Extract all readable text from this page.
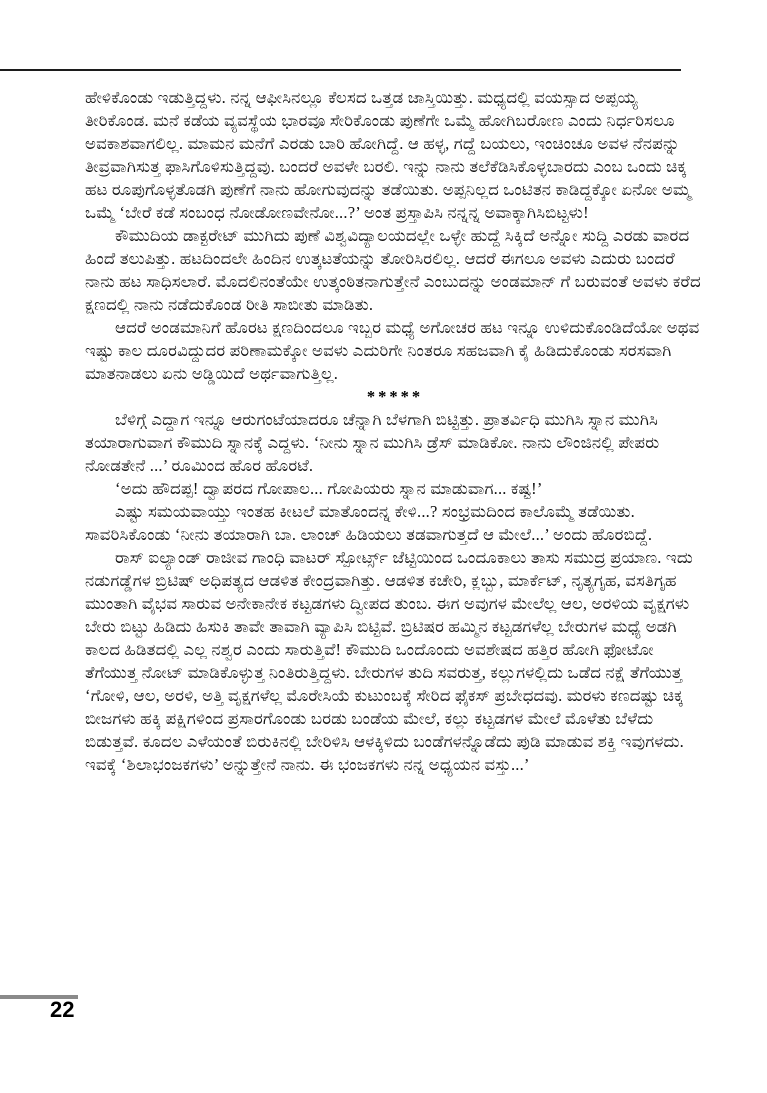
ಹೇಳಿಕೊಂಡು ಇಡುತ್ತಿದ್ದಳು. ನನ್ನ ಆಫೀಸಿನಲ್ಲೂ ಕೆಲಸದ ಒತ್ತಡ ಜಾಸ್ತಿಯಿತ್ತು. ಮಧ್ಯದಲ್ಲಿ ವಯಸ್ಸಾದ ಅಪ್ಪಯ್ಯ ತೀರಿಕೊಂಡ. ಮನೆ ಕಡೆಯ ವ್ಯವಸ್ಥೆಯ ಭಾರವೂ ಸೇರಿಕೊಂಡು ಪುಣೆಗೇ ಒಮ್ಮೆ ಹೋಗಿಬರೋಣ ಎಂದು ನಿರ್ಧರಿಸಲೂ ಅವಕಾಶವಾಗಲಿಲ್ಲ. ಮಾಮನ ಮನೆಗೆ ಎರಡು ಬಾರಿ ಹೋಗಿದ್ದೆ. ಆ ಹಳ್ಳ, ಗದ್ದೆ ಬಯಲು, ಇಂಚಿಂಚೂ ಅವಳ ನೆನಪನ್ನು ತೀವ್ರವಾಗಿಸುತ್ತ ಫಾಸಿಗೊಳಿಸುತ್ತಿದ್ದವು. ಬಂದರೆ ಅವಳೇ ಬರಲಿ. ಇನ್ನು ನಾನು ತಲೆಕೆಡಿಸಿಕೊಳ್ಳಬಾರದು ಎಂಬ ಒಂದು ಚಿಕ್ಕ ಹಟ ರೂಪುಗೊಳ್ಳತೊಡಗಿ ಪುಣೆಗೆ ನಾನು ಹೋಗುವುದನ್ನು ತಡೆಯಿತು. ಅಪ್ಪನಿಲ್ಲದ ಒಂಟಿತನ ಕಾಡಿದ್ದಕ್ಕೋ ಏನೋ ಅಮ್ಮ ಒಮ್ಮೆ ‘ಬೇರೆ ಕಡೆ ಸಂಬಂಧ ನೋಡೋಣವೇನೋ...?’ ಅಂತ ಪ್ರಸ್ತಾಪಿಸಿ ನನ್ನನ್ನ ಅವಾಕ್ಕಾಗಿಸಿಬಿಟ್ಟಳು!

ಕೌಮುದಿಯ ಡಾಕ್ಟರೇಟ್ ಮುಗಿದು ಪುಣೆ ವಿಶ್ವವಿದ್ಯಾಲಯದಲ್ಲೇ ಒಳ್ಳೇ ಹುದ್ದೆ ಸಿಕ್ಕಿದೆ ಅನ್ನೋ ಸುದ್ದಿ ಎರಡು ವಾರದ ಹಿಂದೆ ತಲುಪಿತ್ತು. ಹಟದಿಂದಲೇ ಹಿಂದಿನ ಉತ್ಕಟತೆಯನ್ನು ತೋರಿಸಿರಲಿಲ್ಲ. ಆದರೆ ಈಗಲೂ ಅವಳು ಎದುರು ಬಂದರೆ ನಾನು ಹಟ ಸಾಧಿಸಲಾರೆ. ಮೊದಲಿನಂತೆಯೇ ಉತ್ಕಂಠಿತನಾಗುತ್ತೇನೆ ಎಂಬುದನ್ನು ಅಂಡಮಾನ್ ಗೆ ಬರುವಂತೆ ಅವಳು ಕರೆದ ಕ್ಷಣದಲ್ಲಿ ನಾನು ನಡೆದುಕೊಂಡ ರೀತಿ ಸಾಬೀತು ಮಾಡಿತು.

ಆದರೆ ಅಂಡಮಾನಿಗೆ ಹೊರಟ ಕ್ಷಣದಿಂದಲೂ ಇಬ್ಬರ ಮಧ್ಯೆ ಅಗೋಚರ ಹಟ ಇನ್ನೂ ಉಳಿದುಕೊಂಡಿದೆಯೋ ಅಥವ ಇಷ್ಟು ಕಾಲ ದೂರವಿದ್ದುದರ ಪರಿಣಾಮಕ್ಕೋ ಅವಳು ಎದುರಿಗೇ ನಿಂತರೂ ಸಹಜವಾಗಿ ಕೈ ಹಿಡಿದುಕೊಂಡು ಸರಸವಾಗಿ ಮಾತನಾಡಲು ಏನು ಅಡ್ಡಿಯಿದೆ ಅರ್ಥವಾಗುತ್ತಿಲ್ಲ.

*****

ಬೆಳಿಗ್ಗೆ ಎದ್ದಾಗ ಇನ್ನೂ ಆರುಗಂಟೆಯಾದರೂ ಚೆನ್ನಾಗಿ ಬೆಳಗಾಗಿ ಬಿಟ್ಟಿತ್ತು. ಪ್ರಾತರ್ವಿಧಿ ಮುಗಿಸಿ ಸ್ನಾನ ಮುಗಿಸಿ ತಯಾರಾಗುವಾಗ ಕೌಮುದಿ ಸ್ನಾನಕ್ಕೆ ಎದ್ದಳು. ‘ನೀನು ಸ್ನಾನ ಮುಗಿಸಿ ಡ್ರೆಸ್ ಮಾಡಿಕೋ. ನಾನು ಲೌಂಜಿನಲ್ಲಿ ಪೇಪರು ನೋಡತೇನೆ ...’ ರೂಮಿಂದ ಹೊರ ಹೊರಟೆ.

‘ಅದು ಹೌದಪ್ಪ! ದ್ವಾಪರದ ಗೋಪಾಲ... ಗೋಪಿಯರು ಸ್ನಾನ ಮಾಡುವಾಗ... ಕಷ್ಟ!’

ಎಷ್ಟು ಸಮಯವಾಯ್ತು ಇಂತಹ ಕೀಟಲೆ ಮಾತೊಂದನ್ನ ಕೇಳಿ...? ಸಂಭ್ರಮದಿಂದ ಕಾಲೊಮ್ಮೆ ತಡೆಯಿತು. ಸಾವರಿಸಿಕೊಂಡು ‘ನೀನು ತಯಾರಾಗಿ ಬಾ. ಲಾಂಚ್ ಹಿಡಿಯಲು ತಡವಾಗುತ್ತದೆ ಆ ಮೇಲೆ...’ ಅಂದು ಹೊರಬಿದ್ದೆ.

ರಾಸ್ ಐಲ್ಯಾಂಡ್ ರಾಜೀವ ಗಾಂಧಿ ವಾಟರ್ ಸ್ಪೋರ್ಟ್ಸ್ ಜೆಟ್ಟಿಯಿಂದ ಒಂದೂಕಾಲು ತಾಸು ಸಮುದ್ರ ಪ್ರಯಾಣ. ಇದು ನಡುಗಡ್ಡೆಗಳ ಬ್ರಿಟಿಷ್ ಅಧಿಪತ್ಯದ ಆಡಳಿತ ಕೇಂದ್ರವಾಗಿತ್ತು. ಆಡಳಿತ ಕಚೇರಿ, ಕ್ಲಬ್ಬು, ಮಾರ್ಕೆಟ್, ನೃತ್ಯಗೃಹ, ವಸತಿಗೃಹ ಮುಂತಾಗಿ ವೈಭವ ಸಾರುವ ಅನೇಕಾನೇಕ ಕಟ್ಟಡಗಳು ದ್ವೀಪದ ತುಂಬ. ಈಗ ಅವುಗಳ ಮೇಲೆಲ್ಲ ಆಲ, ಅರಳಿಯ ವೃಕ್ಷಗಳು ಬೇರು ಬಿಟ್ಟು ಹಿಡಿದು ಹಿಸುಕಿ ತಾವೇ ತಾವಾಗಿ ವ್ಯಾಪಿಸಿ ಬಿಟ್ಟಿವೆ. ಬ್ರಿಟಿಷರ ಹಮ್ಮಿನ ಕಟ್ಟಡಗಳೆಲ್ಲ ಬೇರುಗಳ ಮಧ್ಯೆ ಅಡಗಿ ಕಾಲದ ಹಿಡಿತದಲ್ಲಿ ಎಲ್ಲ ನಶ್ವರ ಎಂದು ಸಾರುತ್ತಿವೆ! ಕೌಮುದಿ ಒಂದೊಂದು ಅವಶೇಷದ ಹತ್ತಿರ ಹೋಗಿ ಫೋಟೋ ತೆಗೆಯುತ್ತ ನೋಟ್ ಮಾಡಿಕೊಳ್ಳುತ್ತ ನಿಂತಿರುತ್ತಿದ್ದಳು. ಬೇರುಗಳ ತುದಿ ಸವರುತ್ತ, ಕಲ್ಲುಗಳಲ್ಲಿದು ಒಡೆದ ನಕ್ಷೆ ತೆಗೆಯುತ್ತ ‘ಗೋಳಿ, ಆಲ, ಅರಳಿ, ಅತ್ತಿ ವೃಕ್ಷಗಳೆಲ್ಲ ಮೊರೇಸಿಯೆ ಕುಟುಂಬಕ್ಕೆ ಸೇರಿದ ಫೈಕಸ್ ಪ್ರಬೇಧದವು. ಮರಳು ಕಣದಷ್ಟು ಚಿಕ್ಕ ಬೀಜಗಳು ಹಕ್ಕಿ ಪಕ್ಷಿಗಳಿಂದ ಪ್ರಸಾರಗೊಂಡು ಬರಡು ಬಂಡೆಯ ಮೇಲೆ, ಕಲ್ಲು ಕಟ್ಟಡಗಳ ಮೇಲೆ ಮೊಳೆತು ಬೆಳೆದು ಬಿಡುತ್ತವೆ. ಕೂದಲ ಎಳೆಯಂತೆ ಬಿರುಕಿನಲ್ಲಿ ಬೇರಿಳಿಸಿ ಆಳಕ್ಕಿಳಿದು ಬಂಡೆಗಳನ್ನೊಡೆದು ಪುಡಿ ಮಾಡುವ ಶಕ್ತಿ ಇವುಗಳದು. ಇವಕ್ಕೆ ‘ಶಿಲಾಭಂಜಕಗಳು’ ಅನ್ನುತ್ತೇನೆ ನಾನು. ಈ ಭಂಜಕಗಳು ನನ್ನ ಅಧ್ಯಯನ ವಸ್ತು...’

22
